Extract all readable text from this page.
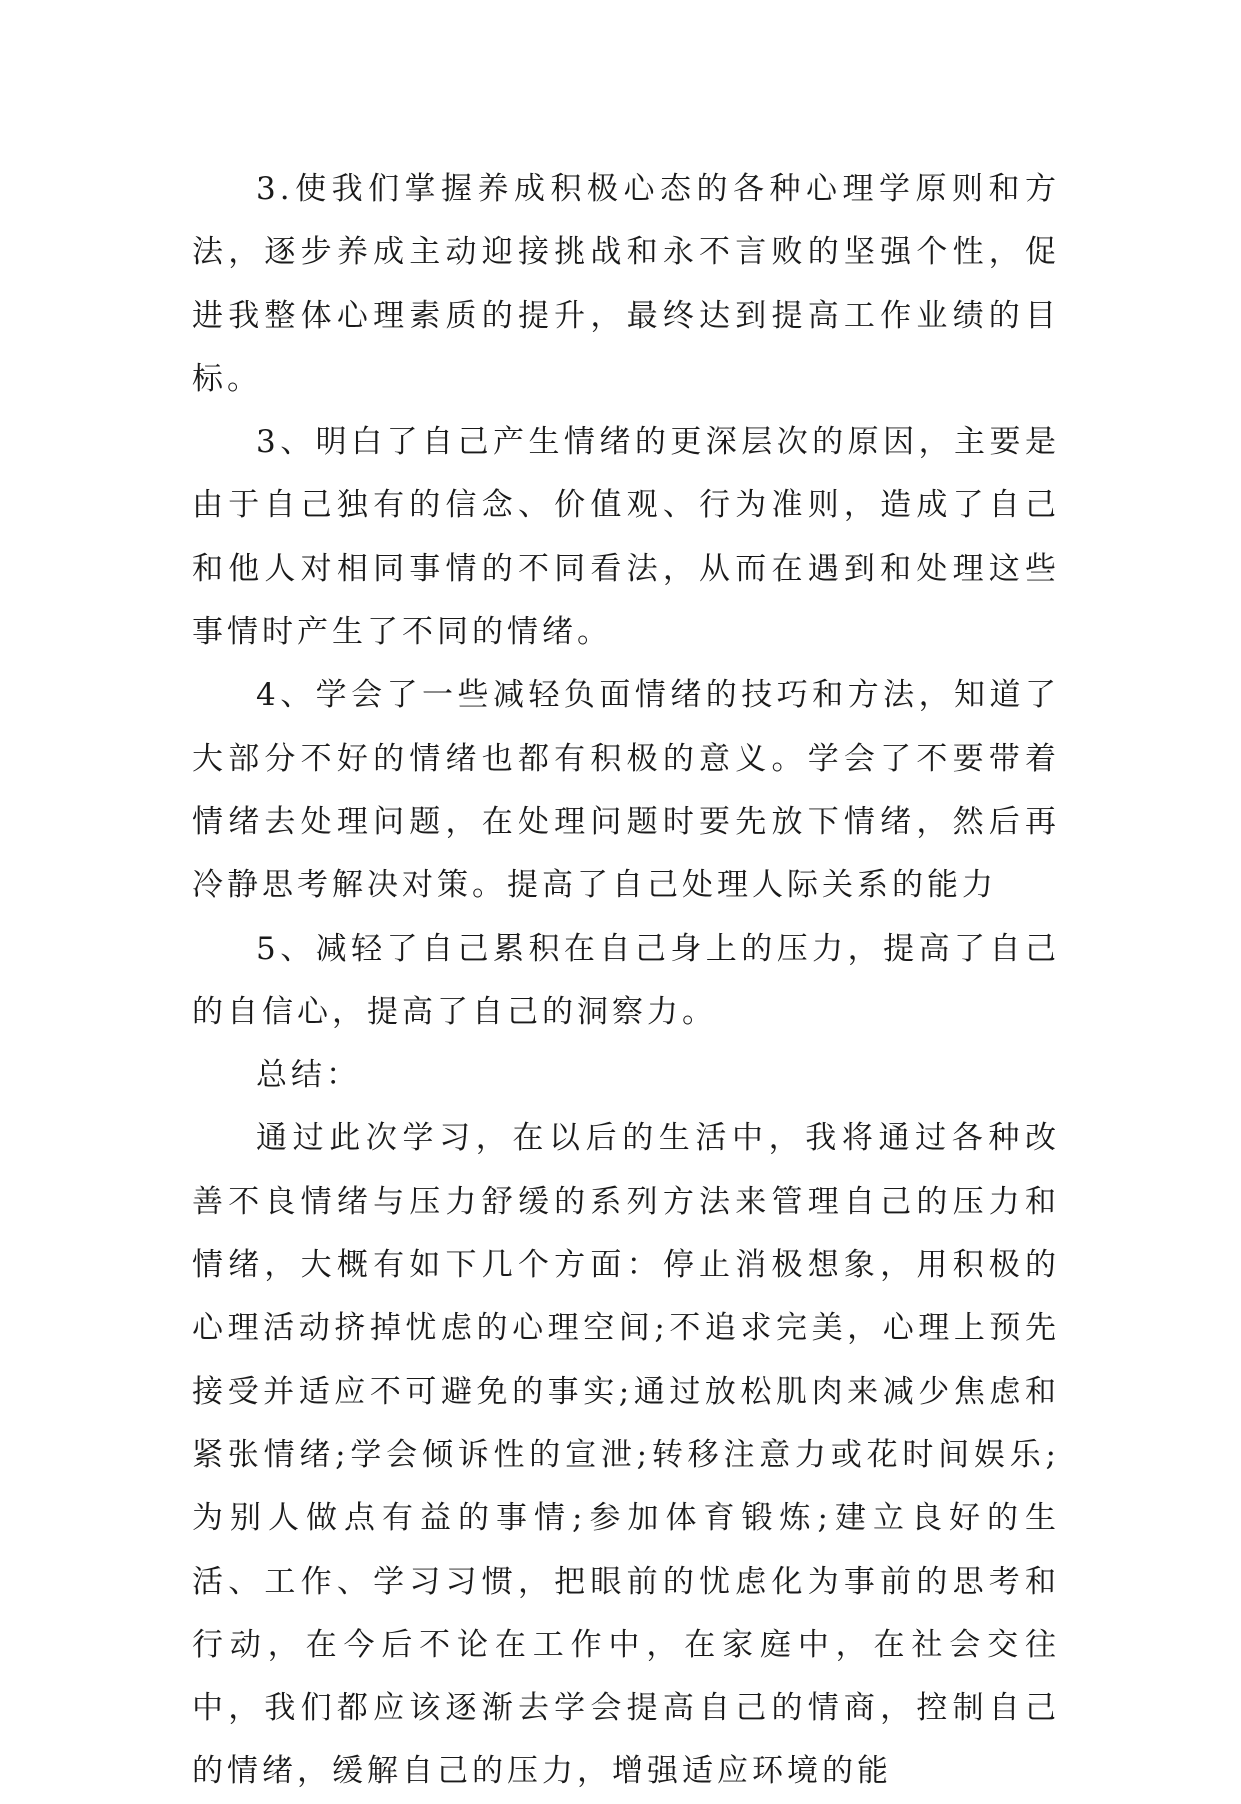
3.使我们掌握养成积极心态的各种心理学原则和方法，逐步养成主动迎接挑战和永不言败的坚强个性，促进我整体心理素质的提升，最终达到提高工作业绩的目标。

3、明白了自己产生情绪的更深层次的原因，主要是由于自己独有的信念、价值观、行为准则，造成了自己和他人对相同事情的不同看法，从而在遇到和处理这些事情时产生了不同的情绪。

4、学会了一些减轻负面情绪的技巧和方法，知道了大部分不好的情绪也都有积极的意义。学会了不要带着情绪去处理问题，在处理问题时要先放下情绪，然后再冷静思考解决对策。提高了自己处理人际关系的能力

5、减轻了自己累积在自己身上的压力，提高了自己的自信心，提高了自己的洞察力。

总结：

通过此次学习，在以后的生活中，我将通过各种改善不良情绪与压力舒缓的系列方法来管理自己的压力和情绪，大概有如下几个方面：停止消极想象，用积极的心理活动挤掉忧虑的心理空间;不追求完美，心理上预先接受并适应不可避免的事实;通过放松肌肉来减少焦虑和紧张情绪;学会倾诉性的宣泄;转移注意力或花时间娱乐;为别人做点有益的事情;参加体育锻炼;建立良好的生活、工作、学习习惯，把眼前的忧虑化为事前的思考和行动，在今后不论在工作中，在家庭中，在社会交往中，我们都应该逐渐去学会提高自己的情商，控制自己的情绪，缓解自己的压力，增强适应环境的能
